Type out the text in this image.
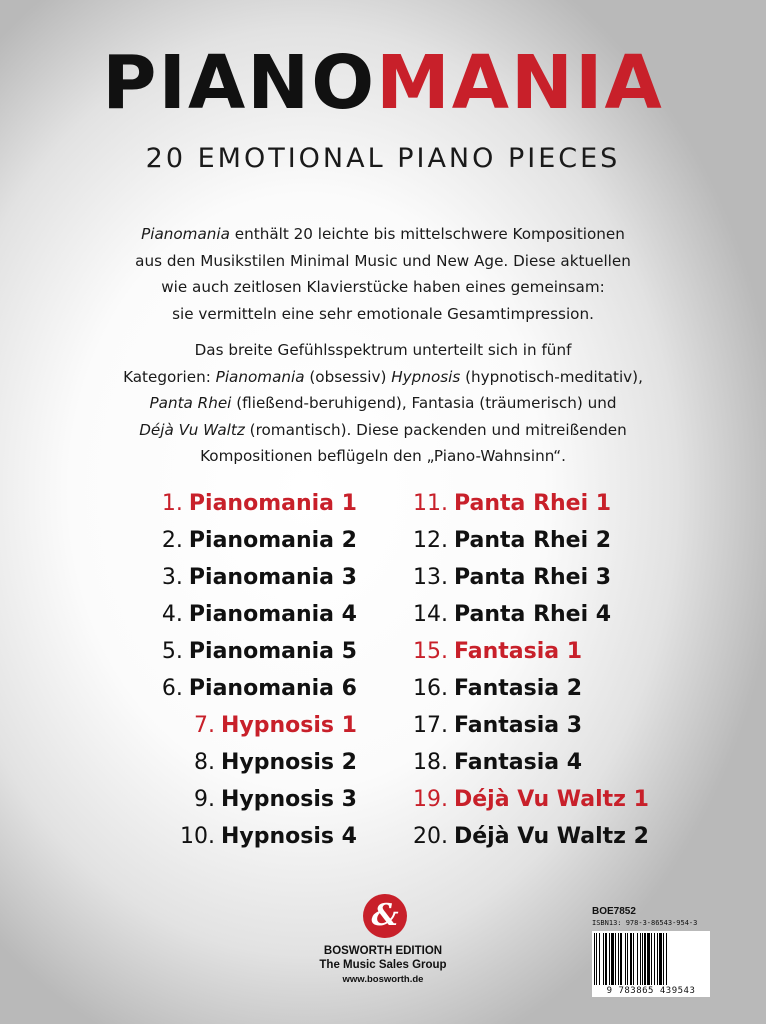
PIANOMANIA
20 EMOTIONAL PIANO PIECES
Pianomania enthält 20 leichte bis mittelschwere Kompositionen
aus den Musikstilen Minimal Music und New Age. Diese aktuellen
wie auch zeitlosen Klavierstücke haben eines gemeinsam:
sie vermitteln eine sehr emotionale Gesamtimpression.
Das breite Gefühlsspektrum unterteilt sich in fünf
Kategorien: Pianomania (obsessiv) Hypnosis (hypnotisch-meditativ),
Panta Rhei (fließend-beruhigend), Fantasia (träumerisch) und
Déjà Vu Waltz (romantisch). Diese packenden und mitreißenden
Kompositionen beflügeln den „Piano-Wahnsinn“.
1. Pianomania 1
2. Pianomania 2
3. Pianomania 3
4. Pianomania 4
5. Pianomania 5
6. Pianomania 6
7. Hypnosis 1
8. Hypnosis 2
9. Hypnosis 3
10. Hypnosis 4
11. Panta Rhei 1
12. Panta Rhei 2
13. Panta Rhei 3
14. Panta Rhei 4
15. Fantasia 1
16. Fantasia 2
17. Fantasia 3
18. Fantasia 4
19. Déjà Vu Waltz 1
20. Déjà Vu Waltz 2
&
BOSWORTH EDITION
The Music Sales Group
www.bosworth.de
BOE7852
ISBN13: 978-3-86543-954-3
9 783865 439543
